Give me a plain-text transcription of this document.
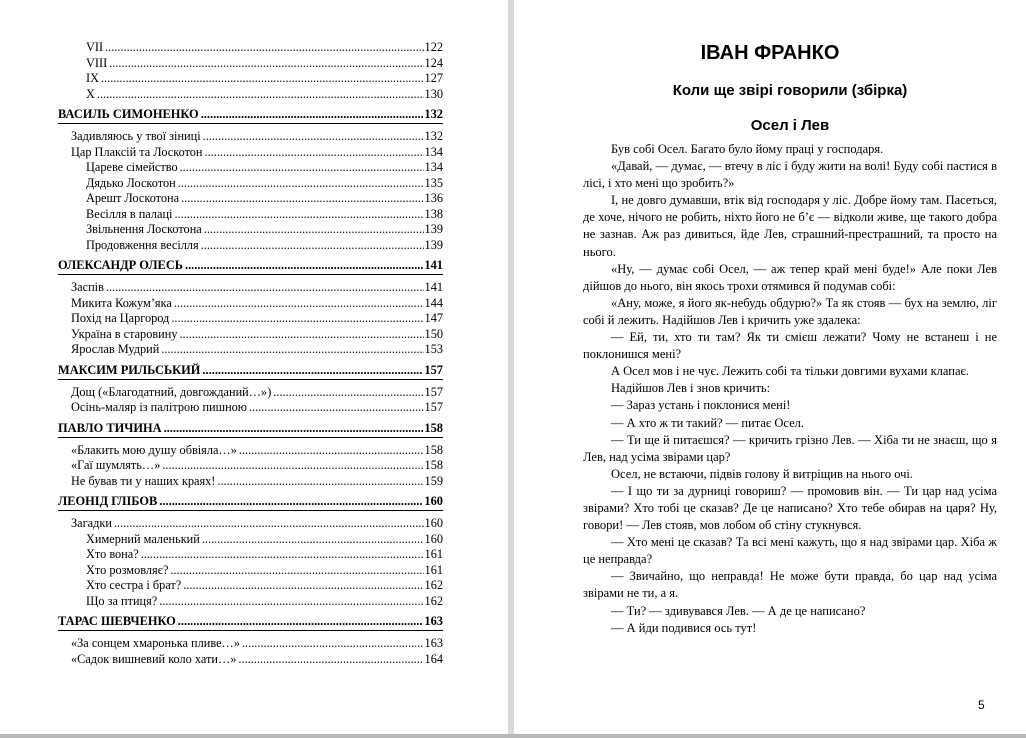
VII .....	122
VIII .....	124
IX .....	127
X .....	130
ВАСИЛЬ СИМОНЕНКО .....	132
Задивляюсь у твої зіниці .....	132
Цар Плаксій та Лоскотон .....	134
Цареве сімейство .....	134
Дядько Лоскотон .....	135
Арешт Лоскотона .....	136
Весілля в палаці .....	138
Звільнення Лоскотона .....	139
Продовження весілля .....	139
ОЛЕКСАНДР ОЛЕСЬ .....	141
Заспів .....	141
Микита Кожум’яка .....	144
Похід на Царгород .....	147
Україна в старовину .....	150
Ярослав Мудрий .....	153
МАКСИМ РИЛЬСЬКИЙ .....	157
Дощ («Благодатний, довгожданий…») .....	157
Осінь-маляр із палітрою пишною .....	157
ПАВЛО ТИЧИНА .....	158
«Блакить мою душу обвіяла…» .....	158
«Гаї шумлять…» .....	158
Не бував ти у наших краях! .....	159
ЛЕОНІД ГЛІБОВ .....	160
Загадки .....	160
Химерний маленький .....	160
Хто вона? .....	161
Хто розмовляє? .....	161
Хто сестра і брат? .....	162
Що за птиця? .....	162
ТАРАС ШЕВЧЕНКО .....	163
«За сонцем хмаронька пливе…» .....	163
«Садок вишневий коло хати…» .....	164
ІВАН ФРАНКО
Коли ще звірі говорили (збірка)
Осел і Лев

Був собі Осел. Багато було йому праці у господаря.

«Давай, — думає, — втечу в ліс і буду жити на волі! Буду собі пастися в лісі, і хто мені що зробить?»

І, не довго думавши, втік від господаря у ліс. Добре йому там. Пасеться, де хоче, нічого не робить, ніхто його не б’є — відколи живе, ще такого добра не зазнав. Аж раз дивиться, йде Лев, страшний-престрашний, та просто на нього.

«Ну, — думає собі Осел, — аж тепер край мені буде!» Але поки Лев дійшов до нього, він якось трохи отямився й подумав собі:

«Ану, може, я його як-небудь обдурю?» Та як стояв — бух на землю, ліг собі й лежить. Надійшов Лев і кричить уже здалека:

— Ей, ти, хто ти там? Як ти смієш лежати? Чому не встанеш і не поклонишся мені?

А Осел мов і не чує. Лежить собі та тільки довгими вухами клапає.

Надійшов Лев і знов кричить:

— Зараз устань і поклонися мені!

— А хто ж ти такий? — питає Осел.

— Ти ще й питаєшся? — кричить грізно Лев. — Хіба ти не знаєш, що я Лев, над усіма звірами цар?

Осел, не встаючи, підвів голову й витріщив на нього очі.

— І що ти за дурниці говориш? — промовив він. — Ти цар над усіма звірами? Хто тобі це сказав? Де це написано? Хто тебе обирав на царя? Ну, говори! — Лев стояв, мов лобом об стіну стукнувся.

— Хто мені це сказав? Та всі мені кажуть, що я над звірами цар. Хіба ж це неправда?

— Звичайно, що неправда! Не може бути правда, бо цар над усіма звірами не ти, а я.

— Ти? — здивувався Лев. — А де це написано?

— А йди подивися ось тут!

5
